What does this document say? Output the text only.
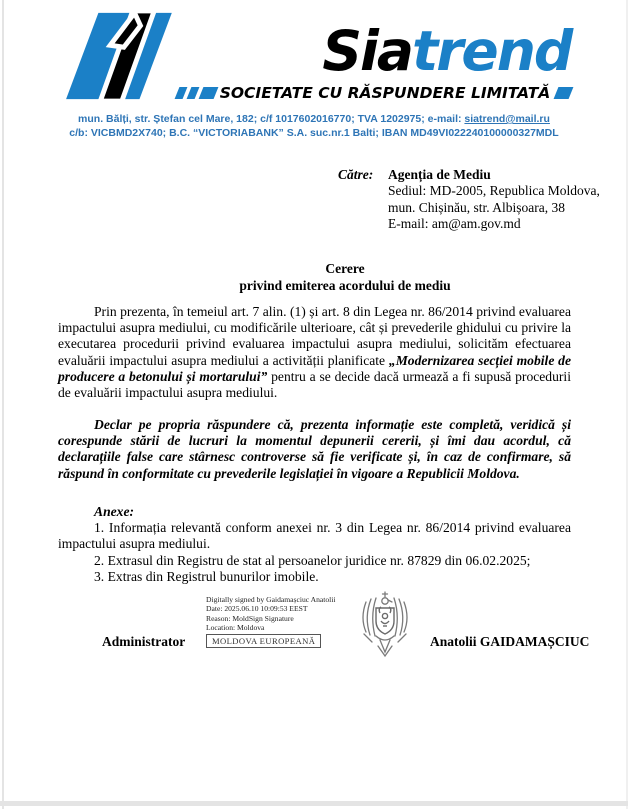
Siatrend
SOCIETATE CU RĂSPUNDERE LIMITATĂ
mun. Bălți, str. Ștefan cel Mare, 182; c/f 1017602016770; TVA 1202975; e-mail: siatrend@mail.ru
c/b: VICBMD2X740; B.C. “VICTORIABANK” S.A. suc.nr.1 Balti; IBAN MD49VI022240100000327MDL
Către: Agenția de Mediu
Sediul: MD-2005, Republica Moldova,
mun. Chișinău, str. Albișoara, 38
E-mail: am@am.gov.md
Cerere
privind emiterea acordului de mediu
Prin prezenta, în temeiul art. 7 alin. (1) și art. 8 din Legea nr. 86/2014 privind evaluarea impactului asupra mediului, cu modificările ulterioare, cât și prevederile ghidului cu privire la executarea procedurii privind evaluarea impactului asupra mediului, solicităm efectuarea evaluării impactului asupra mediului a activității planificate „Modernizarea secției mobile de producere a betonului și mortarului” pentru a se decide dacă urmează a fi supusă procedurii de evaluării impactului asupra mediului.
Declar pe propria răspundere că, prezenta informație este completă, veridică și corespunde stării de lucruri la momentul depunerii cererii, și îmi dau acordul, că declarațiile false care stârnesc controverse să fie verificate și, în caz de confirmare, să răspund în conformitate cu prevederile legislației în vigoare a Republicii Moldova.
Anexe:
1. Informația relevantă conform anexei nr. 3 din Legea nr. 86/2014 privind evaluarea impactului asupra mediului.
2. Extrasul din Registru de stat al persoanelor juridice nr. 87829 din 06.02.2025;
3. Extras din Registrul bunurilor imobile.
Administrator
Digitally signed by Gaidamașciuc Anatolii
Date: 2025.06.10 10:09:53 EEST
Reason: MoldSign Signature
Location: Moldova
MOLDOVA EUROPEANĂ	Anatolii GAIDAMAȘCIUC
